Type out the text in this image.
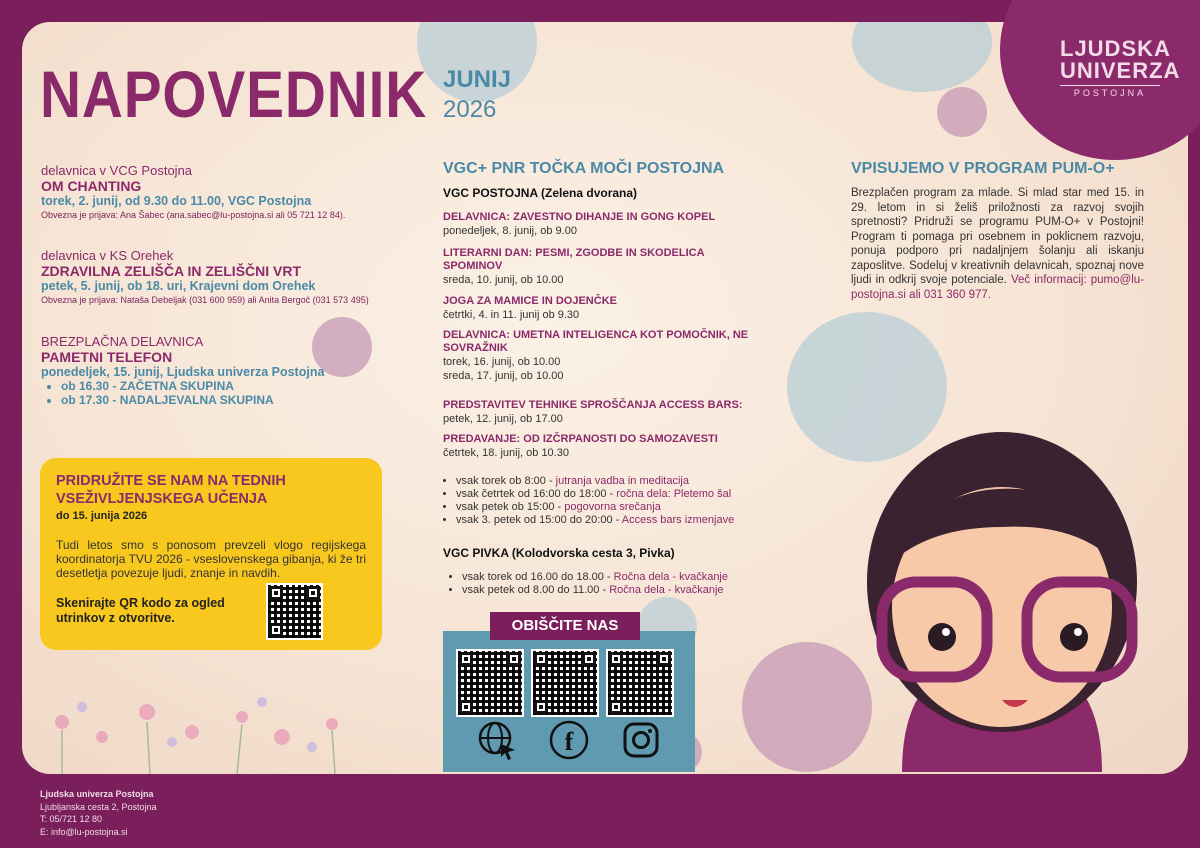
LJUDSKA
UNIVERZA
POSTOJNA
NAPOVEDNIK JUNIJ
2026
delavnica v VCG Postojna
OM CHANTING
torek, 2. junij, od 9.30 do 11.00, VGC Postojna
Obvezna je prijava: Ana Šabec (ana.sabec@lu-postojna.si ali 05 721 12 84).
delavnica v KS Orehek
ZDRAVILNA ZELIŠČA IN ZELIŠČNI VRT
petek, 5. junij, ob 18. uri, Krajevni dom Orehek
Obvezna je prijava: Nataša Debeljak (031 600 959) ali Anita Bergoč (031 573 495)
BREZPLAČNA DELAVNICA
PAMETNI TELEFON
ponedeljek, 15. junij, Ljudska univerza Postojna
• ob 16.30 - ZAČETNA SKUPINA
• ob 17.30 - NADALJEVALNA SKUPINA
PRIDRUŽITE SE NAM NA TEDNIH VSEŽIVLJENJSKEGA UČENJA
do 15. junija 2026
Tudi letos smo s ponosom prevzeli vlogo regijskega koordinatorja TVU 2026 - vseslovenskega gibanja, ki že tri desetletja povezuje ljudi, znanje in navdih.
Skenirajte QR kodo za ogled utrinkov z otvoritve.
VGC+ PNR TOČKA MOČI POSTOJNA
VGC POSTOJNA (Zelena dvorana)
DELAVNICA: ZAVESTNO DIHANJE IN GONG KOPEL
ponedeljek, 8. junij, ob 9.00
LITERARNI DAN: PESMI, ZGODBE IN SKODELICA SPOMINOV
sreda, 10. junij, ob 10.00
JOGA ZA MAMICE IN DOJENČKE
četrtki, 4. in 11. junij ob 9.30
DELAVNICA: UMETNA INTELIGENCA KOT POMOČNIK, NE SOVRAŽNIK
torek, 16. junij, ob 10.00
sreda, 17. junij, ob 10.00
PREDSTAVITEV TEHNIKE SPROŠČANJA ACCESS BARS:
petek, 12. junij, ob 17.00
PREDAVANJE: OD IZČRPANOSTI DO SAMOZAVESTI
četrtek, 18. junij, ob 10.30
• vsak torek ob 8:00 - jutranja vadba in meditacija
• vsak četrtek od 16:00 do 18:00 - ročna dela: Pletemo šal
• vsak petek ob 15:00 - pogovorna srečanja
• vsak 3. petek od 15:00 do 20:00 - Access bars izmenjave
VGC PIVKA (Kolodvorska cesta 3, Pivka)
• vsak torek od 16.00 do 18.00 - Ročna dela - kvačkanje
• vsak petek od 8.00 do 11.00 - Ročna dela - kvačkanje
OBIŠČITE NAS
f
VPISUJEMO V PROGRAM PUM-O+
Brezplačen program za mlade. Si mlad star med 15. in 29. letom in si želiš priložnosti za razvoj svojih spretnosti? Pridruži se programu PUM-O+ v Postojni! Program ti pomaga pri osebnem in poklicnem razvoju, ponuja podporo pri nadaljnjem šolanju ali iskanju zaposlitve. Sodeluj v kreativnih delavnicah, spoznaj nove ljudi in odkrij svoje potenciale. Več informacij: pumo@lu-postojna.si ali 031 360 977.
Ljudska univerza Postojna
Ljubljanska cesta 2, Postojna
T: 05/721 12 80
E: info@lu-postojna.si
